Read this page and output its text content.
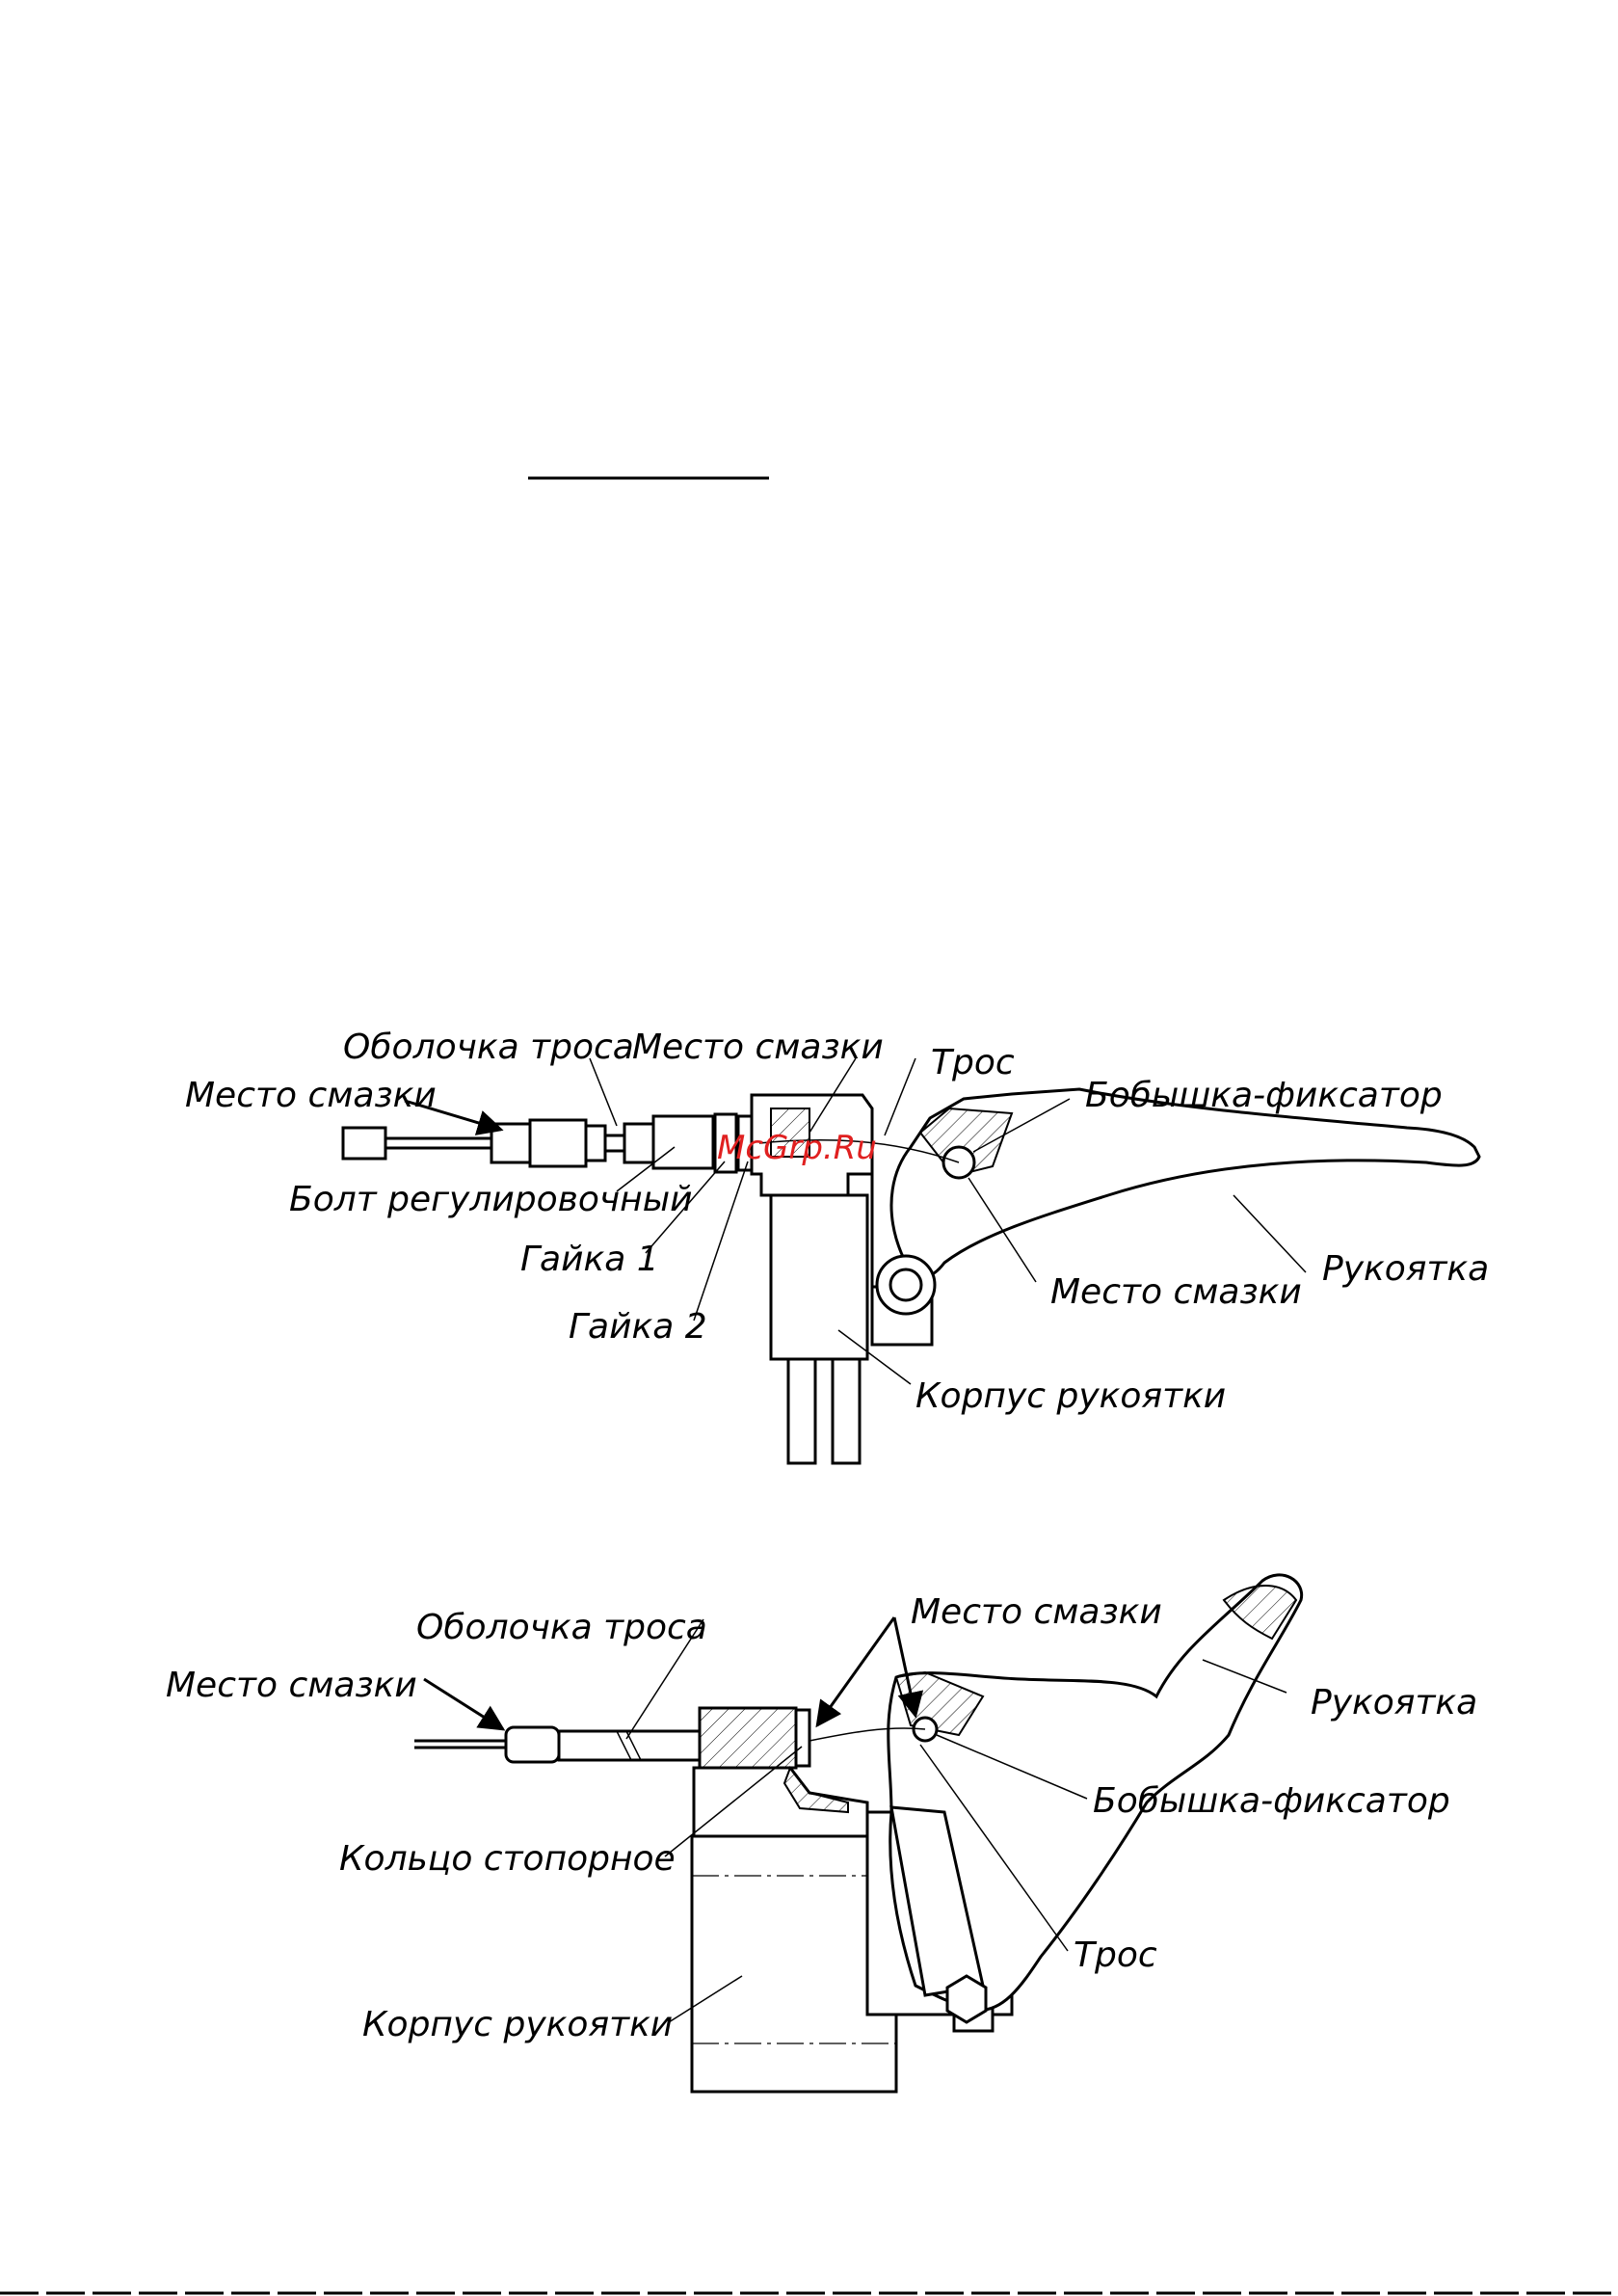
Оболочка троса
Место смазки Трос
Место смазки	Бобышка-фиксатор
McGrp.Ru
Болт регулировочный
Гайка 1	Рукоятка
Место смазки
Гайка 2
Корпус рукоятки
Место смазки
Оболочка троса
Место смазки	Рукоятка
Бобышка-фиксатор
Кольцо стопорное
Трос
Корпус рукоятки
